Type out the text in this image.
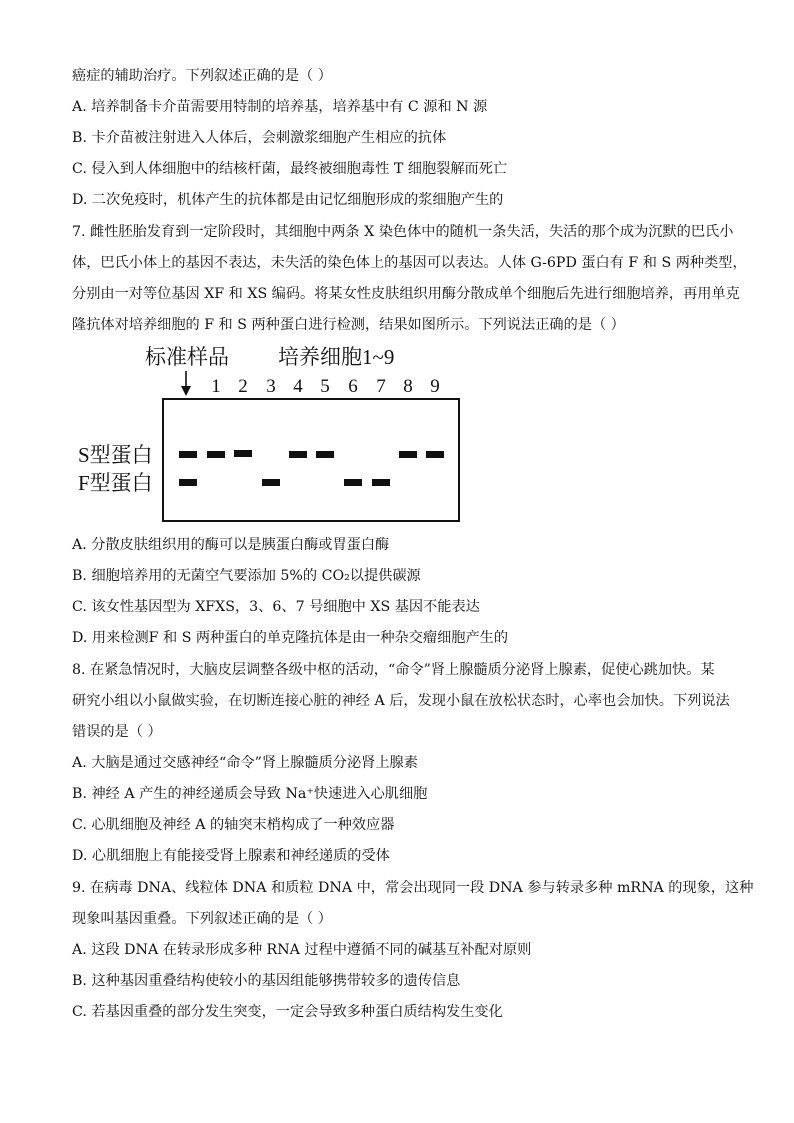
癌症的辅助治疗。下列叙述正确的是（ ）
A. 培养制备卡介苗需要用特制的培养基，培养基中有 C 源和 N 源
B. 卡介苗被注射进入人体后，会刺激浆细胞产生相应的抗体
C. 侵入到人体细胞中的结核杆菌，最终被细胞毒性 T 细胞裂解而死亡
D. 二次免疫时，机体产生的抗体都是由记忆细胞形成的浆细胞产生的
7. 雌性胚胎发育到一定阶段时，其细胞中两条 X 染色体中的随机一条失活，失活的那个成为沉默的巴氏小
体，巴氏小体上的基因不表达，未失活的染色体上的基因可以表达。人体 G-6PD 蛋白有 F 和 S 两种类型，
分别由一对等位基因 XF 和 XS 编码。将某女性皮肤组织用酶分散成单个细胞后先进行细胞培养，再用单克
隆抗体对培养细胞的 F 和 S 两种蛋白进行检测，结果如图所示。下列说法正确的是（ ）
标准样品 培养细胞1~9
1 2 3 4 5 6 7 8 9
S型蛋白
F型蛋白
A. 分散皮肤组织用的酶可以是胰蛋白酶或胃蛋白酶
B. 细胞培养用的无菌空气要添加 5%的 CO₂以提供碳源
C. 该女性基因型为 XFXS，3、6、7 号细胞中 XS 基因不能表达
D. 用来检测F 和 S 两种蛋白的单克隆抗体是由一种杂交瘤细胞产生的
8. 在紧急情况时，大脑皮层调整各级中枢的活动，“命令”肾上腺髓质分泌肾上腺素，促使心跳加快。某
研究小组以小鼠做实验，在切断连接心脏的神经 A 后，发现小鼠在放松状态时，心率也会加快。下列说法
错误的是（ ）
A. 大脑是通过交感神经“命令”肾上腺髓质分泌肾上腺素
B. 神经 A 产生的神经递质会导致 Na⁺快速进入心肌细胞
C. 心肌细胞及神经 A 的轴突末梢构成了一种效应器
D. 心肌细胞上有能接受肾上腺素和神经递质的受体
9. 在病毒 DNA、线粒体 DNA 和质粒 DNA 中，常会出现同一段 DNA 参与转录多种 mRNA 的现象，这种
现象叫基因重叠。下列叙述正确的是（ ）
A. 这段 DNA 在转录形成多种 RNA 过程中遵循不同的碱基互补配对原则
B. 这种基因重叠结构使较小的基因组能够携带较多的遗传信息
C. 若基因重叠的部分发生突变，一定会导致多种蛋白质结构发生变化
